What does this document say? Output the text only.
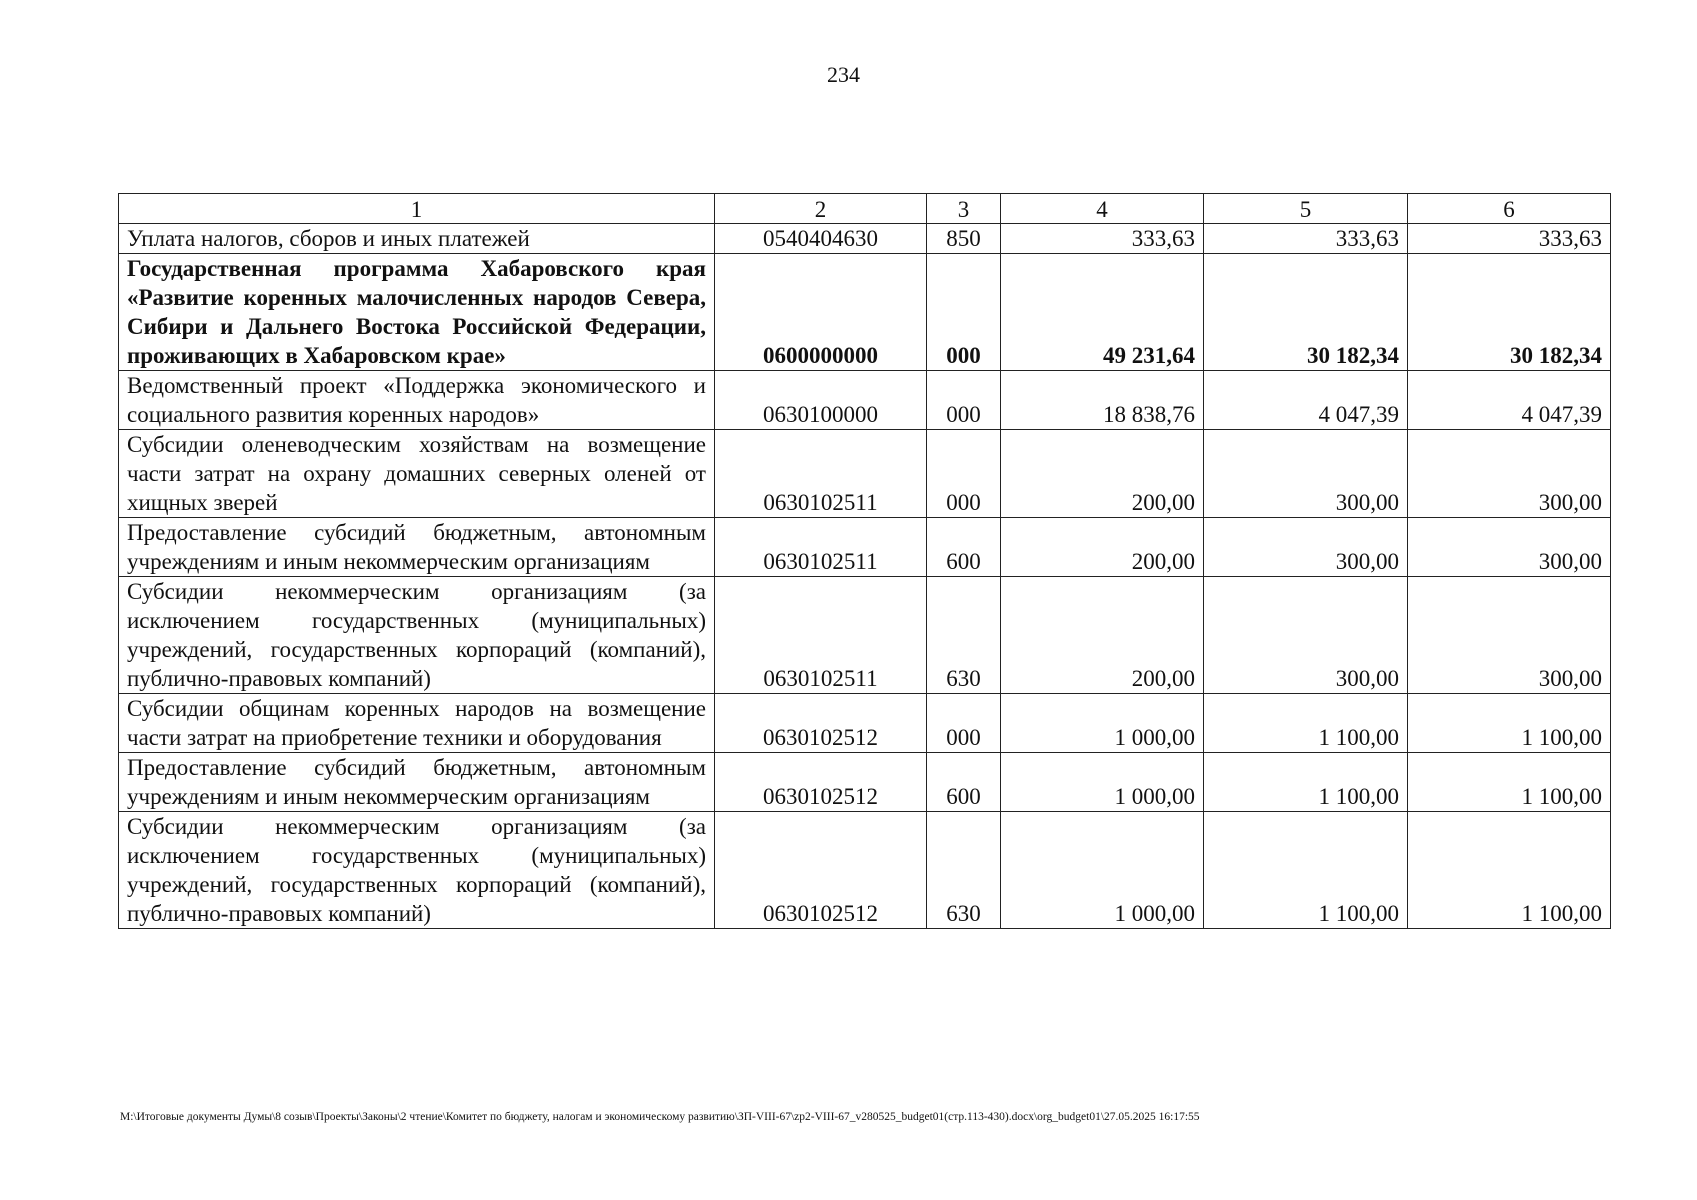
234
1	2	3	4	5	6
Уплата налогов, сборов и иных платежей	0540404630	850	333,63	333,63	333,63
Государственная программа Хабаровского края «Развитие коренных малочисленных народов Севера, Сибири и Дальнего Востока Российской Федерации, проживающих в Хабаровском крае»	0600000000	000	49 231,64	30 182,34	30 182,34
Ведомственный проект «Поддержка экономического и социального развития коренных народов»	0630100000	000	18 838,76	4 047,39	4 047,39
Субсидии оленеводческим хозяйствам на возмещение части затрат на охрану домашних северных оленей от хищных зверей	0630102511	000	200,00	300,00	300,00
Предоставление субсидий бюджетным, автономным учреждениям и иным некоммерческим организациям	0630102511	600	200,00	300,00	300,00
Субсидии некоммерческим организациям (за исключением государственных (муниципальных) учреждений, государственных корпораций (компаний), публично-правовых компаний)	0630102511	630	200,00	300,00	300,00
Субсидии общинам коренных народов на возмещение части затрат на приобретение техники и оборудования	0630102512	000	1 000,00	1 100,00	1 100,00
Предоставление субсидий бюджетным, автономным учреждениям и иным некоммерческим организациям	0630102512	600	1 000,00	1 100,00	1 100,00
Субсидии некоммерческим организациям (за исключением государственных (муниципальных) учреждений, государственных корпораций (компаний), публично-правовых компаний)	0630102512	630	1 000,00	1 100,00	1 100,00
M:\Итоговые документы Думы\8 созыв\Проекты\Законы\2 чтение\Комитет по бюджету, налогам и экономическому развитию\ЗП-VIII-67\zp2-VIII-67_v280525_budget01(стр.113-430).docx\org_budget01\27.05.2025 16:17:55
